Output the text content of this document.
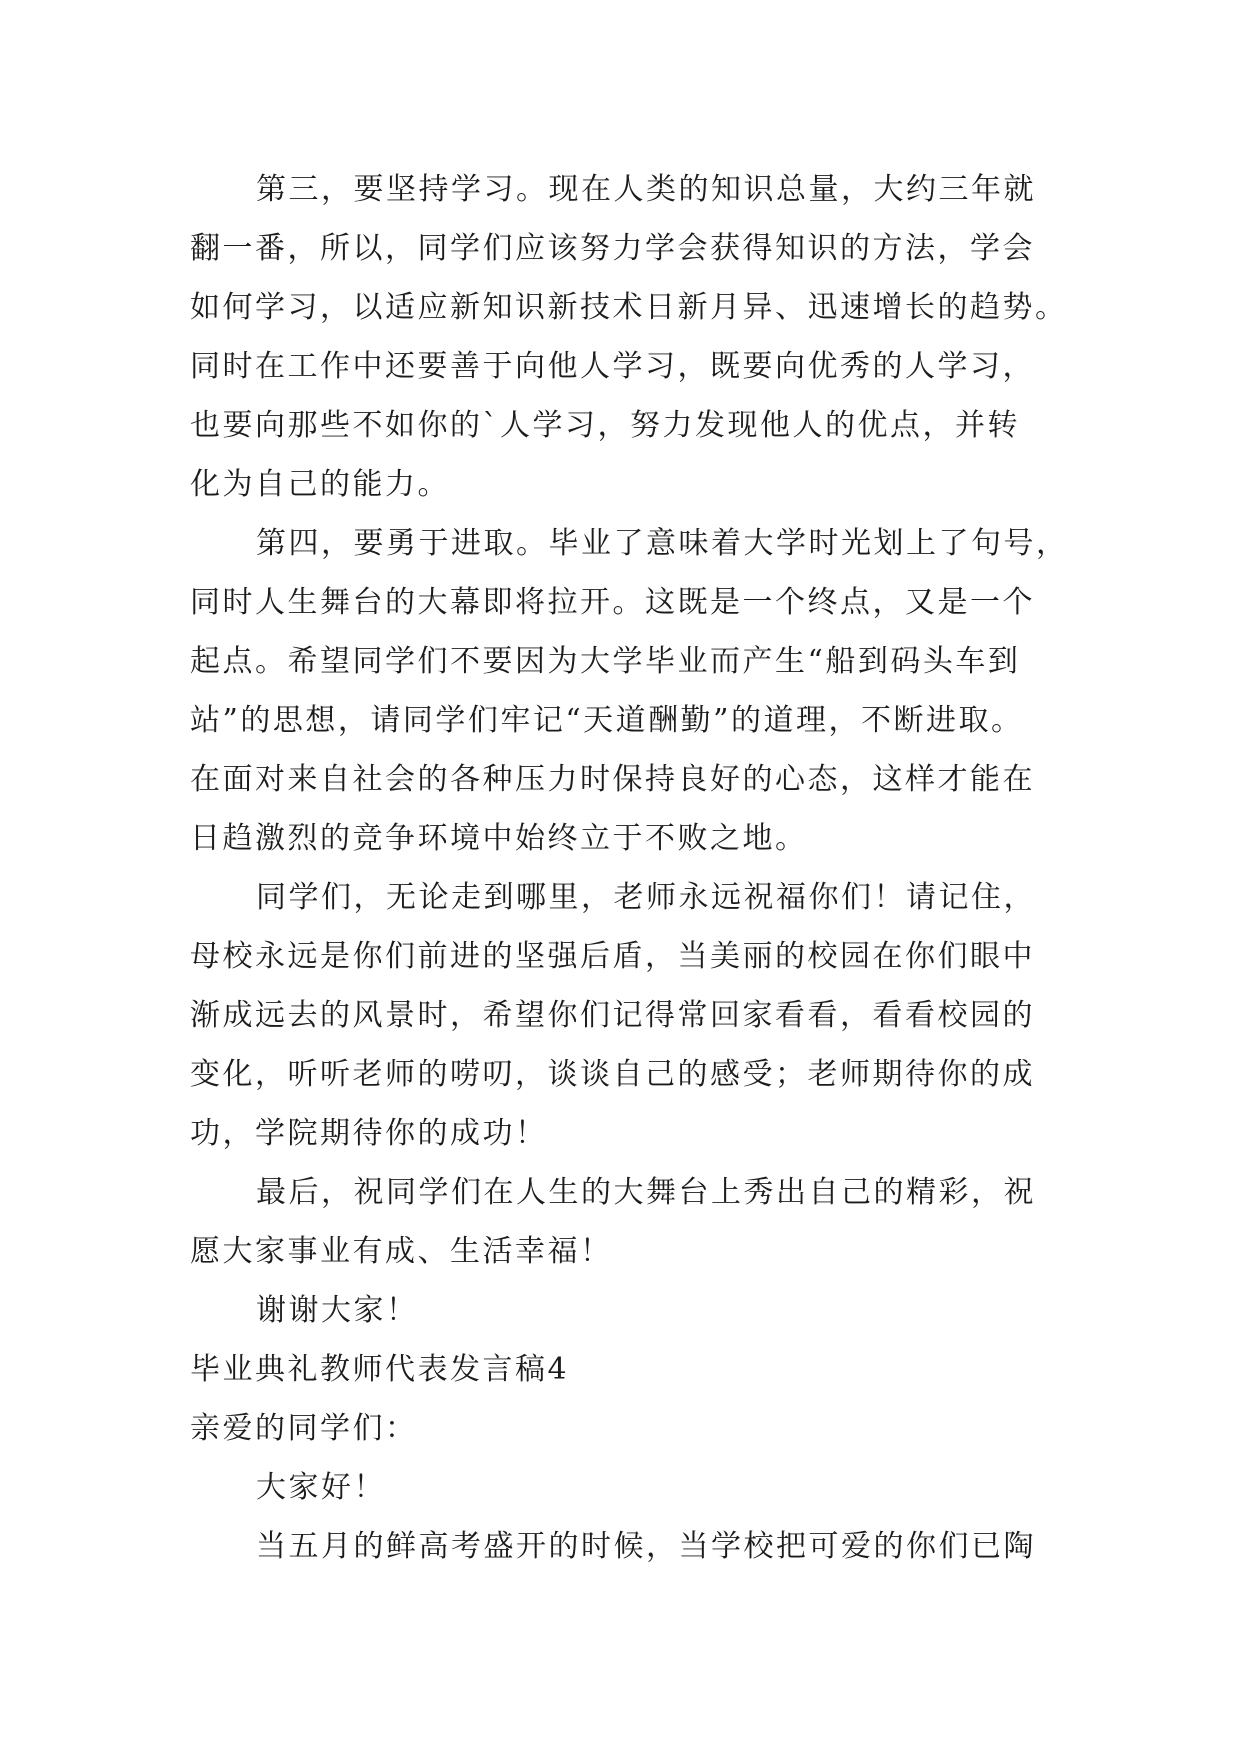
第三，要坚持学习。现在人类的知识总量，大约三年就
翻一番，所以，同学们应该努力学会获得知识的方法，学会
如何学习，以适应新知识新技术日新月异、迅速增长的趋势。
同时在工作中还要善于向他人学习，既要向优秀的人学习，
也要向那些不如你的`人学习，努力发现他人的优点，并转
化为自己的能力。
第四，要勇于进取。毕业了意味着大学时光划上了句号，
同时人生舞台的大幕即将拉开。这既是一个终点，又是一个
起点。希望同学们不要因为大学毕业而产生“船到码头车到
站”的思想，请同学们牢记“天道酬勤”的道理，不断进取。
在面对来自社会的各种压力时保持良好的心态，这样才能在
日趋激烈的竞争环境中始终立于不败之地。
同学们，无论走到哪里，老师永远祝福你们！请记住，
母校永远是你们前进的坚强后盾，当美丽的校园在你们眼中
渐成远去的风景时，希望你们记得常回家看看，看看校园的
变化，听听老师的唠叨，谈谈自己的感受；老师期待你的成
功，学院期待你的成功！
最后，祝同学们在人生的大舞台上秀出自己的精彩，祝
愿大家事业有成、生活幸福！
谢谢大家！
毕业典礼教师代表发言稿4
亲爱的同学们：
大家好！
当五月的鲜高考盛开的时候，当学校把可爱的你们已陶
